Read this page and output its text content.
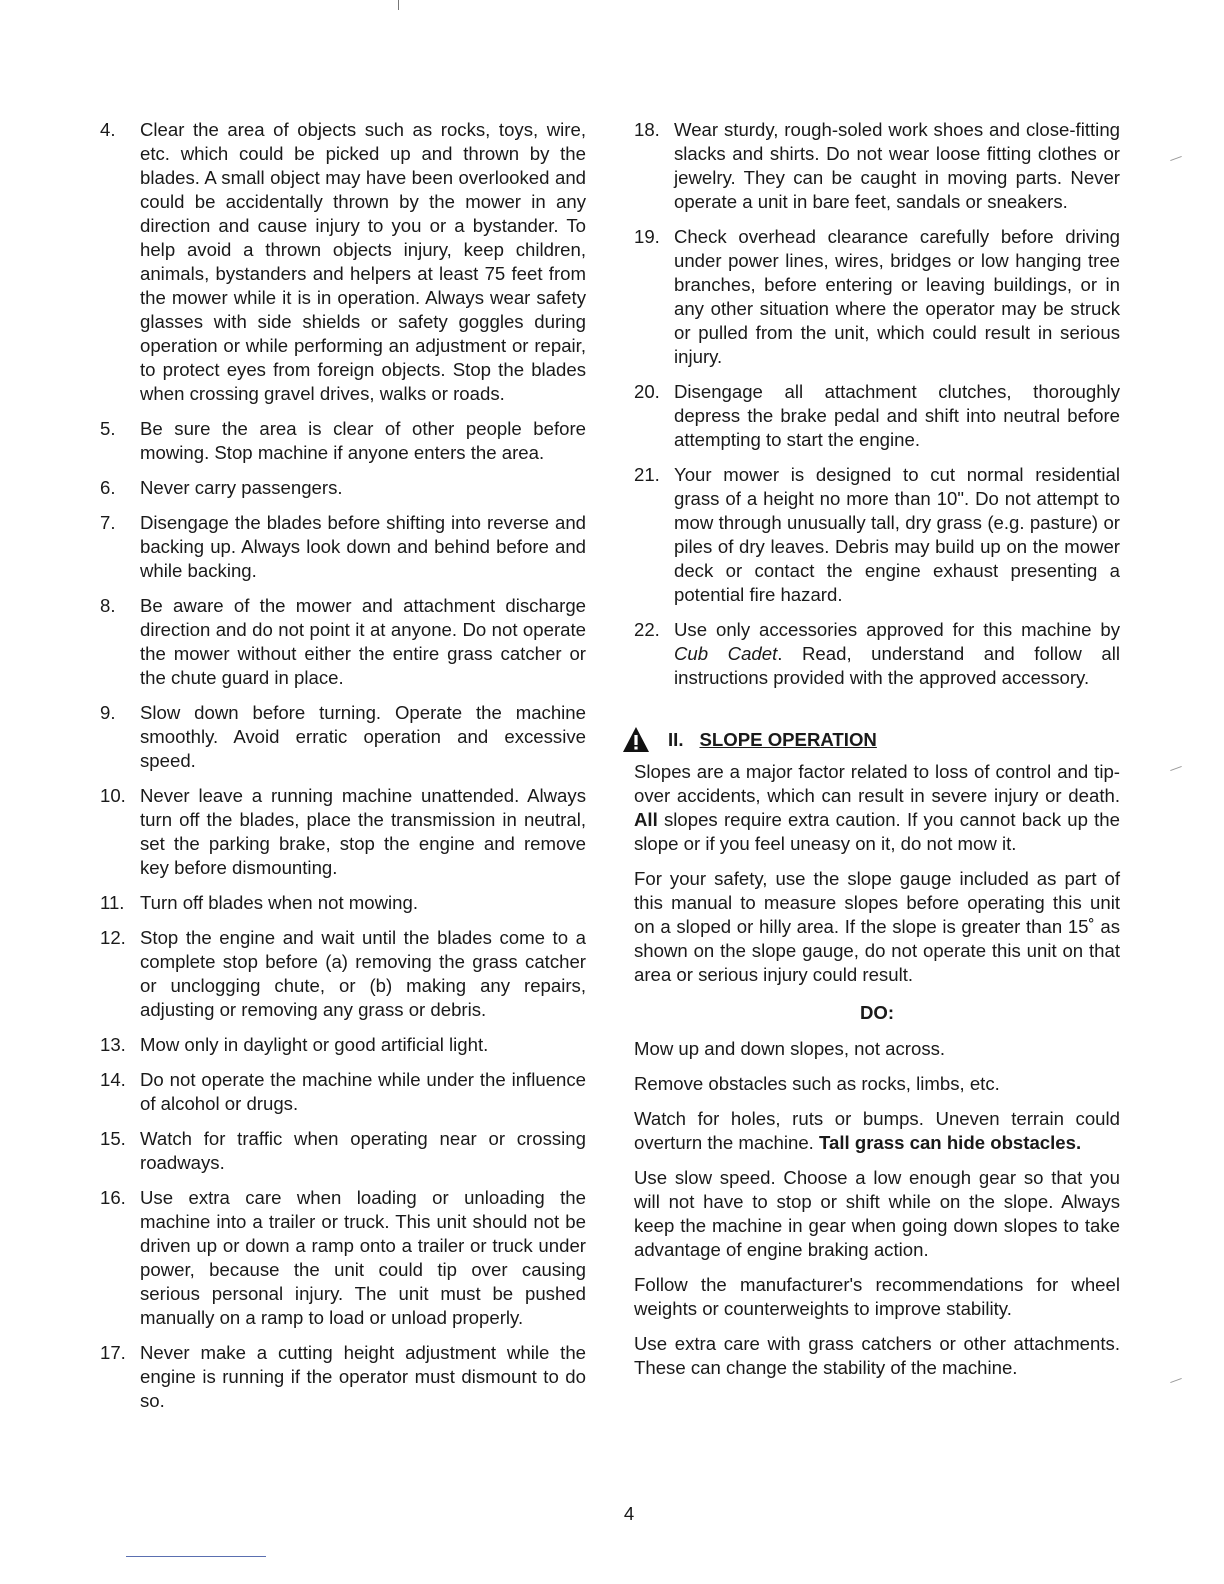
4.	Clear the area of objects such as rocks, toys, wire, etc. which could be picked up and thrown by the blades. A small object may have been overlooked and could be accidentally thrown by the mower in any direction and cause injury to you or a bystander. To help avoid a thrown objects injury, keep children, animals, bystanders and helpers at least 75 feet from the mower while it is in operation. Always wear safety glasses with side shields or safety goggles during operation or while performing an adjustment or repair, to protect eyes from foreign objects. Stop the blades when crossing gravel drives, walks or roads.
5.	Be sure the area is clear of other people before mowing. Stop machine if anyone enters the area.
6.	Never carry passengers.
7.	Disengage the blades before shifting into reverse and backing up. Always look down and behind before and while backing.
8.	Be aware of the mower and attachment discharge direction and do not point it at anyone. Do not operate the mower without either the entire grass catcher or the chute guard in place.
9.	Slow down before turning. Operate the machine smoothly. Avoid erratic operation and excessive speed.
10. Never leave a running machine unattended. Always turn off the blades, place the transmission in neutral, set the parking brake, stop the engine and remove key before dismounting.
11. Turn off blades when not mowing.
12. Stop the engine and wait until the blades come to a complete stop before (a) removing the grass catcher or unclogging chute, or (b) making any repairs, adjusting or removing any grass or debris.
13. Mow only in daylight or good artificial light.
14. Do not operate the machine while under the influence of alcohol or drugs.
15. Watch for traffic when operating near or crossing roadways.
16. Use extra care when loading or unloading the machine into a trailer or truck. This unit should not be driven up or down a ramp onto a trailer or truck under power, because the unit could tip over causing serious personal injury. The unit must be pushed manually on a ramp to load or unload properly.
17. Never make a cutting height adjustment while the engine is running if the operator must dismount to do so.
18. Wear sturdy, rough-soled work shoes and close-fitting slacks and shirts. Do not wear loose fitting clothes or jewelry. They can be caught in moving parts. Never operate a unit in bare feet, sandals or sneakers.
19. Check overhead clearance carefully before driving under power lines, wires, bridges or low hanging tree branches, before entering or leaving buildings, or in any other situation where the operator may be struck or pulled from the unit, which could result in serious injury.
20. Disengage all attachment clutches, thoroughly depress the brake pedal and shift into neutral before attempting to start the engine.
21. Your mower is designed to cut normal residential grass of a height no more than 10". Do not attempt to mow through unusually tall, dry grass (e.g. pasture) or piles of dry leaves. Debris may build up on the mower deck or contact the engine exhaust presenting a potential fire hazard.
22. Use only accessories approved for this machine by Cub Cadet. Read, understand and follow all instructions provided with the approved accessory.
II. SLOPE OPERATION

Slopes are a major factor related to loss of control and tip-over accidents, which can result in severe injury or death. All slopes require extra caution. If you cannot back up the slope or if you feel uneasy on it, do not mow it.

For your safety, use the slope gauge included as part of this manual to measure slopes before operating this unit on a sloped or hilly area. If the slope is greater than 15˚ as shown on the slope gauge, do not operate this unit on that area or serious injury could result.

DO:

Mow up and down slopes, not across.

Remove obstacles such as rocks, limbs, etc.

Watch for holes, ruts or bumps. Uneven terrain could overturn the machine. Tall grass can hide obstacles.

Use slow speed. Choose a low enough gear so that you will not have to stop or shift while on the slope. Always keep the machine in gear when going down slopes to take advantage of engine braking action.

Follow the manufacturer's recommendations for wheel weights or counterweights to improve stability.

Use extra care with grass catchers or other attachments. These can change the stability of the machine.

4
